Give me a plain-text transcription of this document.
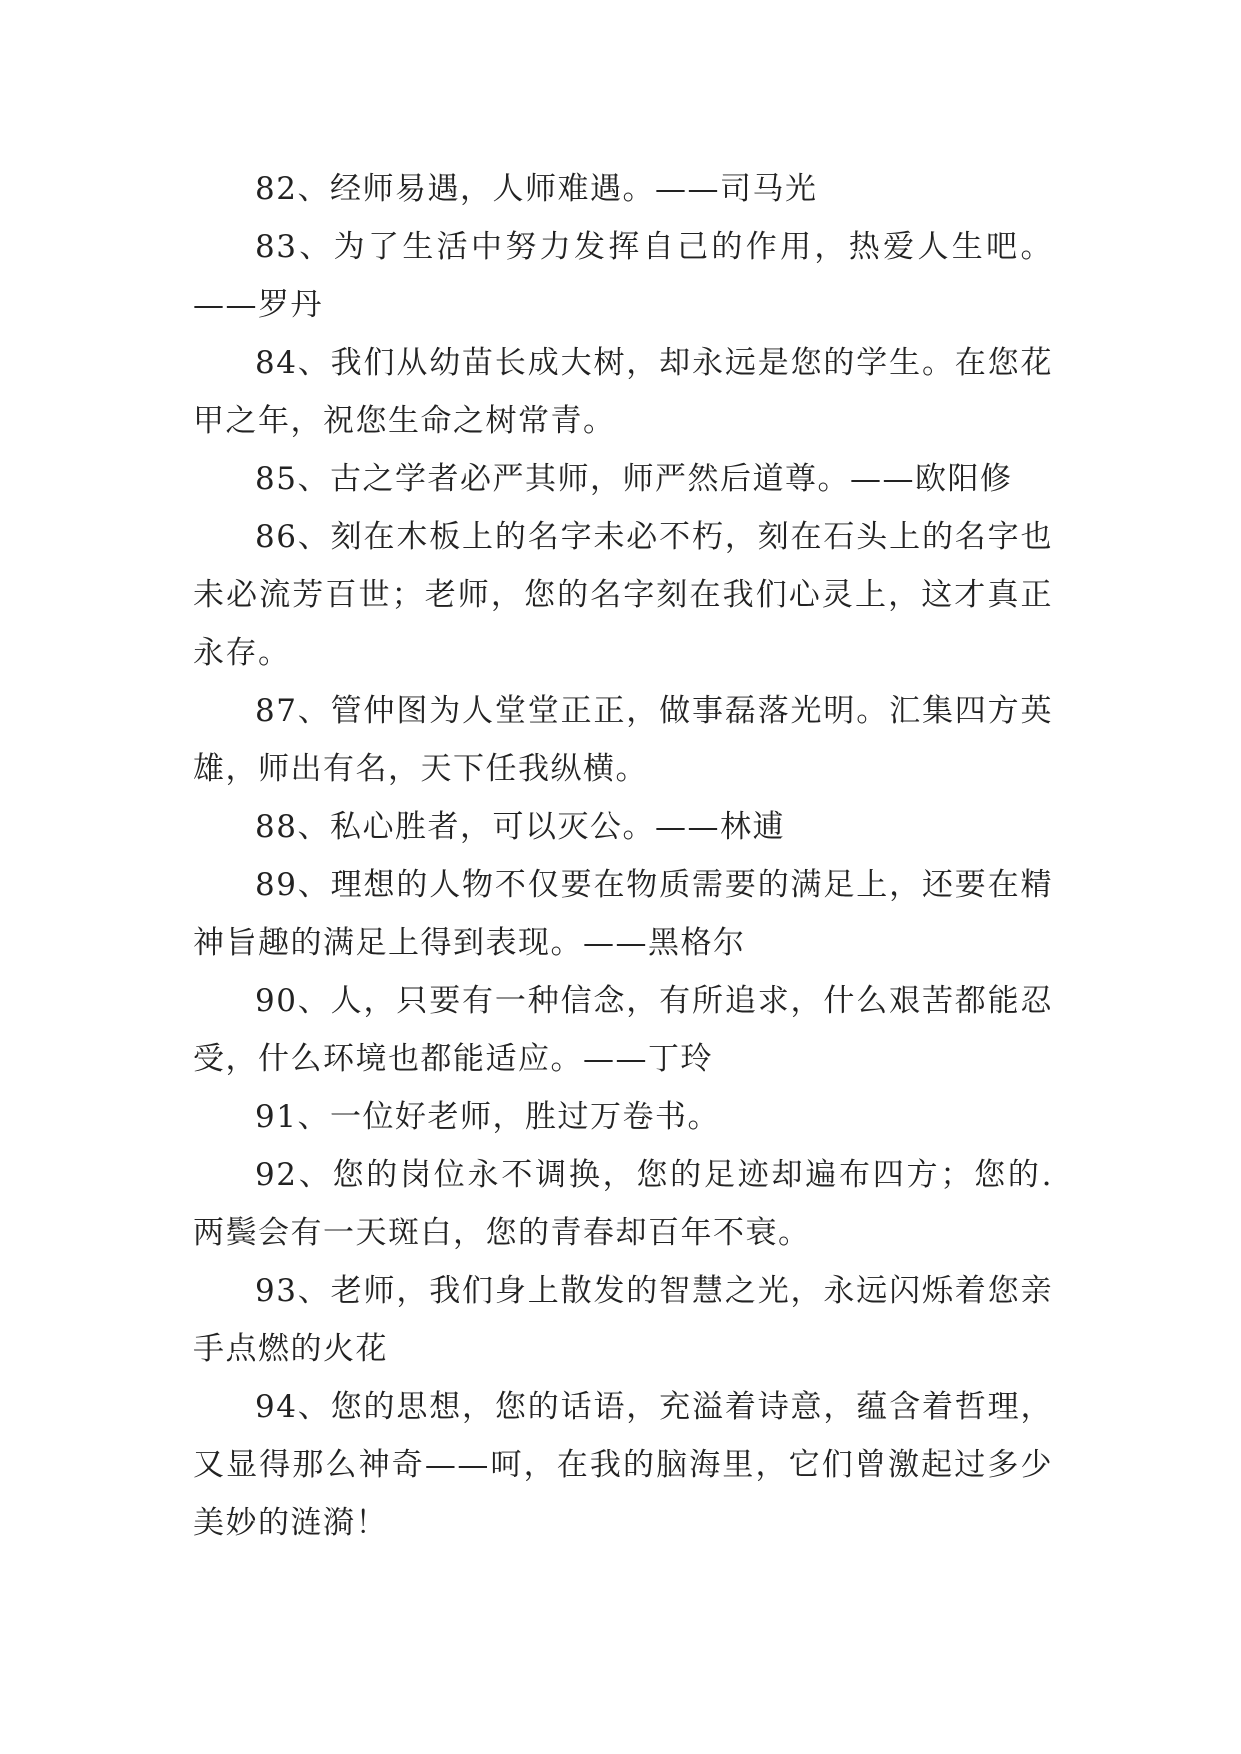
82、经师易遇，人师难遇。——司马光

83、为了生活中努力发挥自己的作用，热爱人生吧。——罗丹

84、我们从幼苗长成大树，却永远是您的学生。在您花甲之年，祝您生命之树常青。

85、古之学者必严其师，师严然后道尊。——欧阳修

86、刻在木板上的名字未必不朽，刻在石头上的名字也未必流芳百世；老师，您的名字刻在我们心灵上，这才真正永存。

87、管仲图为人堂堂正正，做事磊落光明。汇集四方英雄，师出有名，天下任我纵横。

88、私心胜者，可以灭公。——林逋

89、理想的人物不仅要在物质需要的满足上，还要在精神旨趣的满足上得到表现。——黑格尔

90、人，只要有一种信念，有所追求，什么艰苦都能忍受，什么环境也都能适应。——丁玲

91、一位好老师，胜过万卷书。

92、您的岗位永不调换，您的足迹却遍布四方；您的.两鬓会有一天斑白，您的青春却百年不衰。

93、老师，我们身上散发的智慧之光，永远闪烁着您亲手点燃的火花

94、您的思想，您的话语，充溢着诗意，蕴含着哲理，又显得那么神奇——呵，在我的脑海里，它们曾激起过多少美妙的涟漪！
